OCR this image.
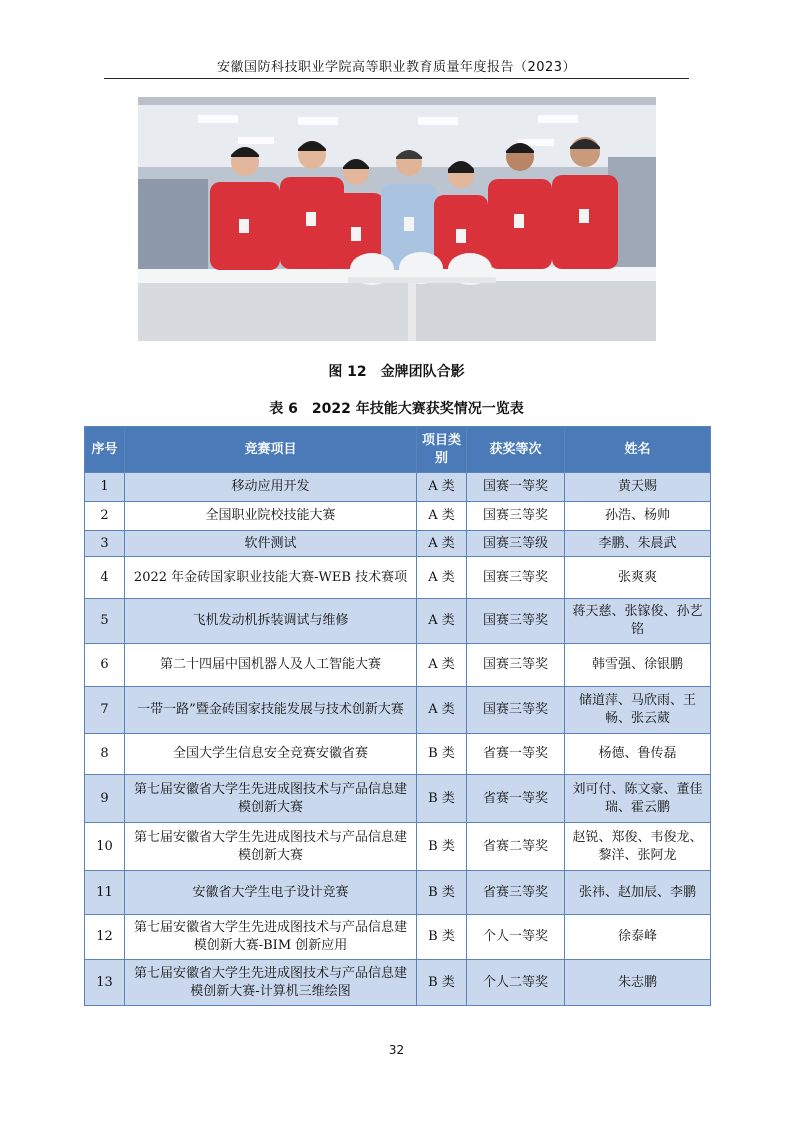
安徽国防科技职业学院高等职业教育质量年度报告（2023）
图 12　金牌团队合影
表 6　2022 年技能大赛获奖情况一览表
序号	竞赛项目	项目类别	获奖等次	姓名
1	移动应用开发	A 类	国赛一等奖	黄天赐
2	全国职业院校技能大赛	A 类	国赛三等奖	孙浩、杨帅
3	软件测试	A 类	国赛三等级	李鹏、朱晨武
4	2022 年金砖国家职业技能大赛-WEB 技术赛项	A 类	国赛三等奖	张爽爽
5	飞机发动机拆装调试与维修	A 类	国赛三等奖	蒋天慈、张镓俊、孙艺铭
6	第二十四届中国机器人及人工智能大赛	A 类	国赛三等奖	韩雪强、徐银鹏
7	一带一路”暨金砖国家技能发展与技术创新大赛	A 类	国赛三等奖	储道萍、马欣雨、王畅、张云葳
8	全国大学生信息安全竞赛安徽省赛	B 类	省赛一等奖	杨德、鲁传磊
9	第七届安徽省大学生先进成图技术与产品信息建模创新大赛	B 类	省赛一等奖	刘可付、陈文豪、董佳瑞、霍云鹏
10	第七届安徽省大学生先进成图技术与产品信息建模创新大赛	B 类	省赛二等奖	赵锐、郑俊、韦俊龙、黎洋、张阿龙
11	安徽省大学生电子设计竞赛	B 类	省赛三等奖	张祎、赵加辰、李鹏
12	第七届安徽省大学生先进成图技术与产品信息建模创新大赛-BIM 创新应用	B 类	个人一等奖	徐泰峰
13	第七届安徽省大学生先进成图技术与产品信息建模创新大赛-计算机三维绘图	B 类	个人二等奖	朱志鹏
32
